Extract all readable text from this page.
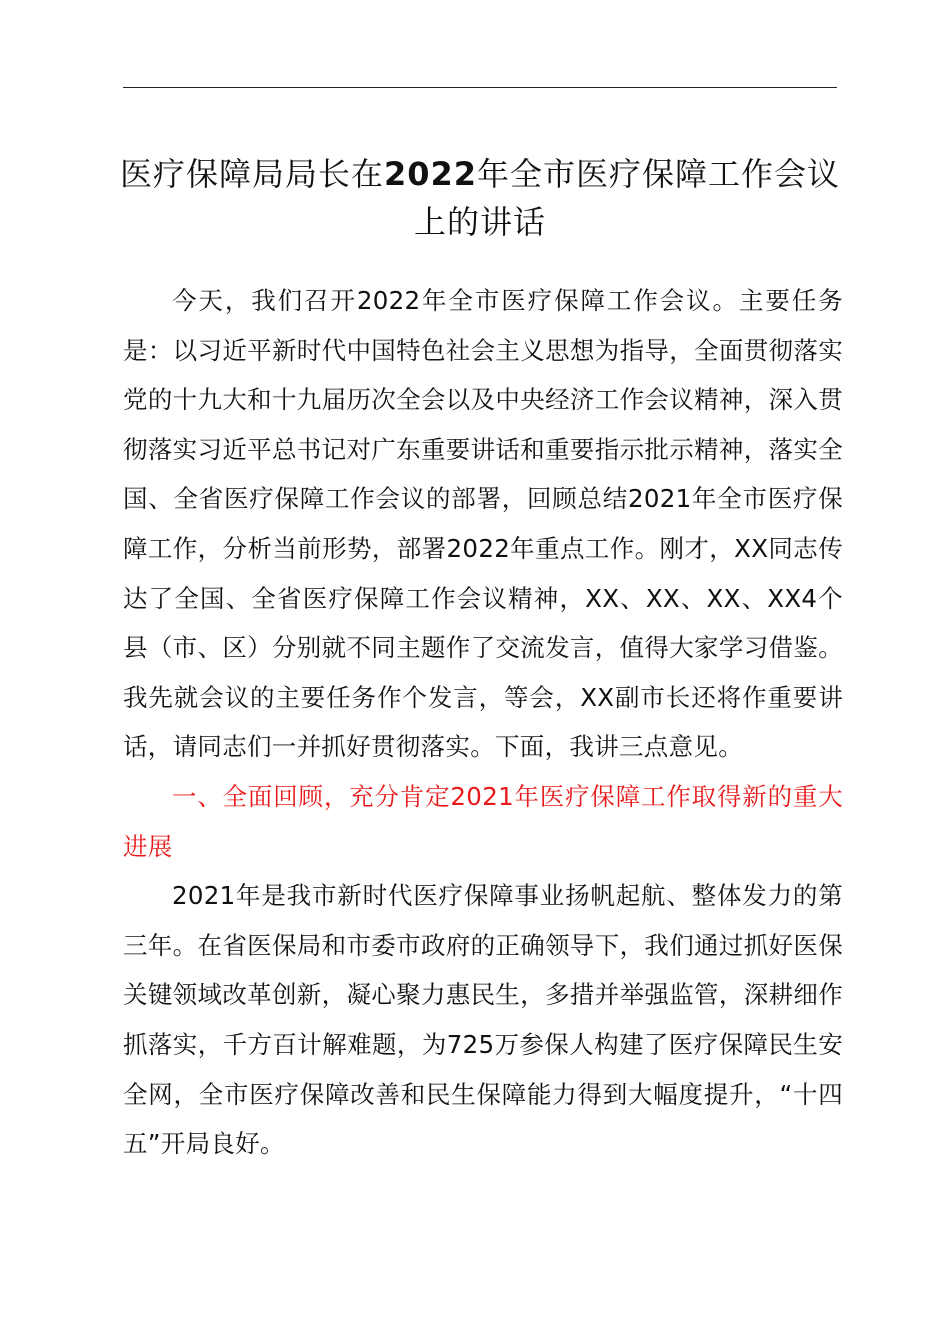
医疗保障局局长在2022年全市医疗保障工作会议上的讲话

今天，我们召开2022年全市医疗保障工作会议。主要任务是：以习近平新时代中国特色社会主义思想为指导，全面贯彻落实党的十九大和十九届历次全会以及中央经济工作会议精神，深入贯彻落实习近平总书记对广东重要讲话和重要指示批示精神，落实全国、全省医疗保障工作会议的部署，回顾总结2021年全市医疗保障工作，分析当前形势，部署2022年重点工作。刚才，XX同志传达了全国、全省医疗保障工作会议精神，XX、XX、XX、XX4个县（市、区）分别就不同主题作了交流发言，值得大家学习借鉴。我先就会议的主要任务作个发言，等会，XX副市长还将作重要讲话，请同志们一并抓好贯彻落实。下面，我讲三点意见。

一、全面回顾，充分肯定2021年医疗保障工作取得新的重大进展

2021年是我市新时代医疗保障事业扬帆起航、整体发力的第三年。在省医保局和市委市政府的正确领导下，我们通过抓好医保关键领域改革创新，凝心聚力惠民生，多措并举强监管，深耕细作抓落实，千方百计解难题，为725万参保人构建了医疗保障民生安全网，全市医疗保障改善和民生保障能力得到大幅度提升，“十四五”开局良好。
